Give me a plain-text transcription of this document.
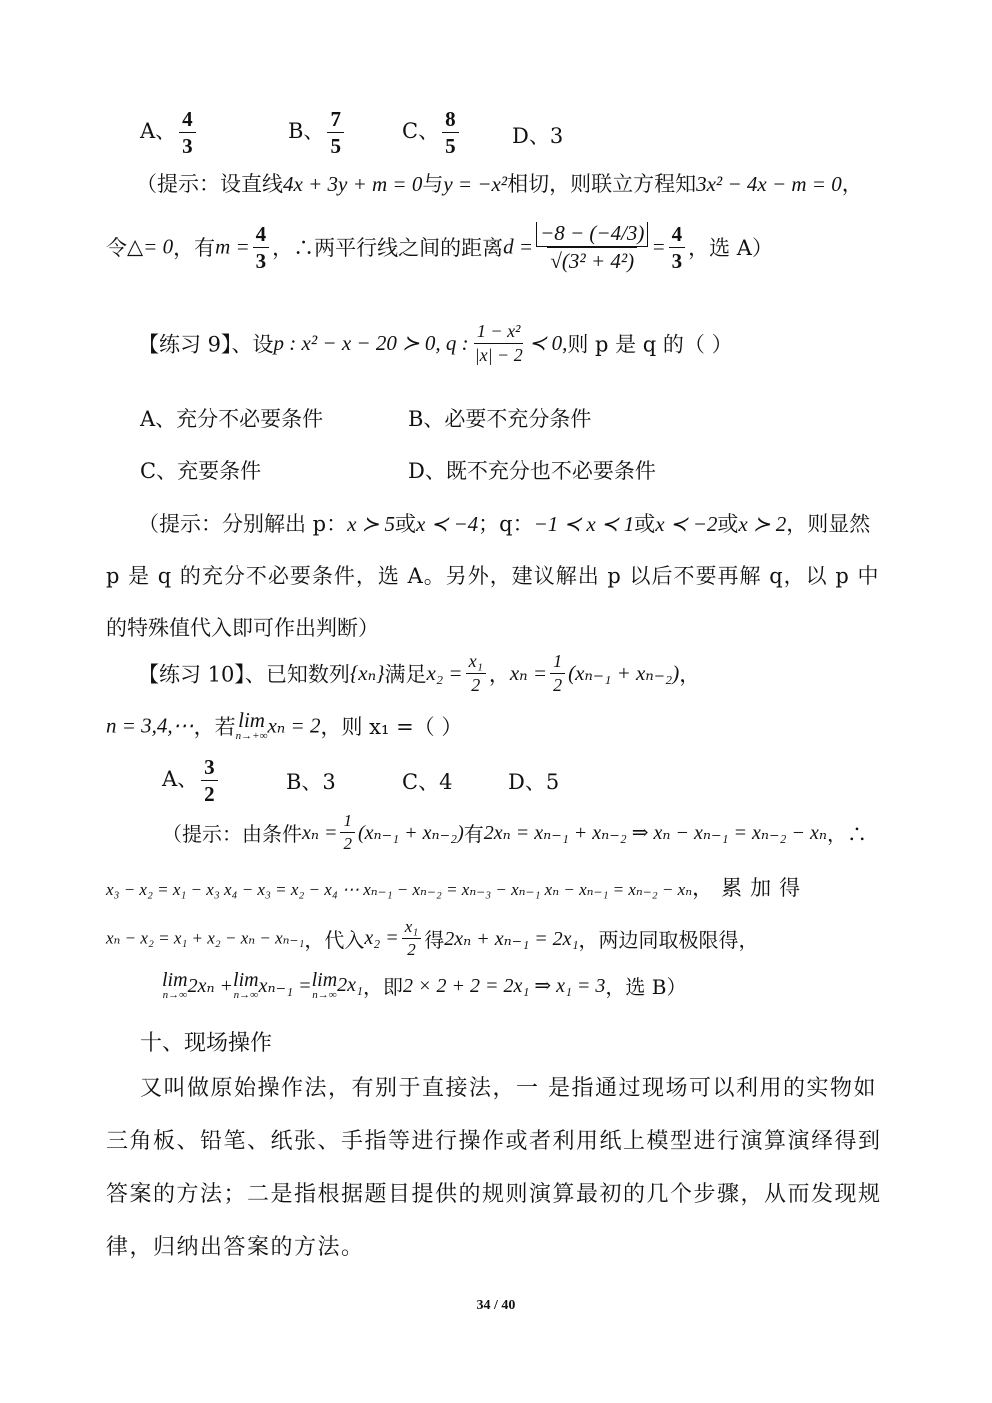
A、 $\frac{4}{3}$	B、 $\frac{7}{5}$	C、 $\frac{8}{5}$	D、3
（提示：设直线4x + 3y + m = 0与y = −x²相切，则联立方程知3x² − 4x − m = 0，
令△= 0，有$m = \frac{4}{3}$ ，∴两平行线之间的距离$d = \frac{-8 - (-4/3)}{\text{√(3² + 4²)}} = \frac{4}{3}$ ，选 A）
【练习 9】、设p : x² − x − 20 ≻ 0, q : $\frac{\text{1 − x²}}{|x| - 2}$ ≺ 0,则 p 是 q 的（ ）
A、充分不必要条件	B、必要不充分条件
C、充要条件	D、既不充分也不必要条件
（提示：分别解出 p：x ≻ 5或x ≺ −4；q：−1 ≺ x ≺ 1或x ≺ −2或x ≻ 2，则显然
p 是 q 的充分不必要条件，选 A。另外，建议解出 p 以后不要再解 q，以 p 中
的特殊值代入即可作出判断）
【练习 10】、已知数列{xₙ}满足$x_2 = \frac{\text{x₁}}{2}$ ，$x_n = \frac{1}{2} (x_{n-1} + x_{n-2})$，
n = 3,4,⋯，若 lim
n→+∞ xₙ = 2，则 x₁ =（ ）
A、 $\frac{3}{2}$	B、3	C、4	D、5
（提示：由条件$x_n = \frac{1}{2} (x_{n-1} + x_{n-2})$有2xₙ = xₙ₋₁ + xₙ₋₂ ⇒ xₙ − xₙ₋₁ = xₙ₋₂ − xₙ，∴
x₃ − x₂ = x₁ − x₃ x₄ − x₃ = x₂ − x₄ ⋯ xₙ₋₁ − xₙ₋₂ = xₙ₋₃ − xₙ₋₁ xₙ − xₙ₋₁ = xₙ₋₂ − xₙ，累加得
xₙ − x₂ = x₁ + x₂ − xₙ − xₙ₋₁，代入$x_2 = \frac{\text{x₁}}{2}$ 得2xₙ + xₙ₋₁ = 2x₁，两边同取极限得，
lim
n→∞ 2xₙ + lim
n→∞ xₙ₋₁ = lim
n→∞ 2x₁，即2 × 2 + 2 = 2x₁ ⇒ x₁ = 3，选 B）
十、现场操作
又叫做原始操作法，有别于直接法，一 是指通过现场可以利用的实物如三角板、铅笔、纸张、手指等进行操作或者利用纸上模型进行演算演绎得到答案的方法；二是指根据题目提供的规则演算最初的几个步骤，从而发现规律，归纳出答案的方法。
34 / 40
